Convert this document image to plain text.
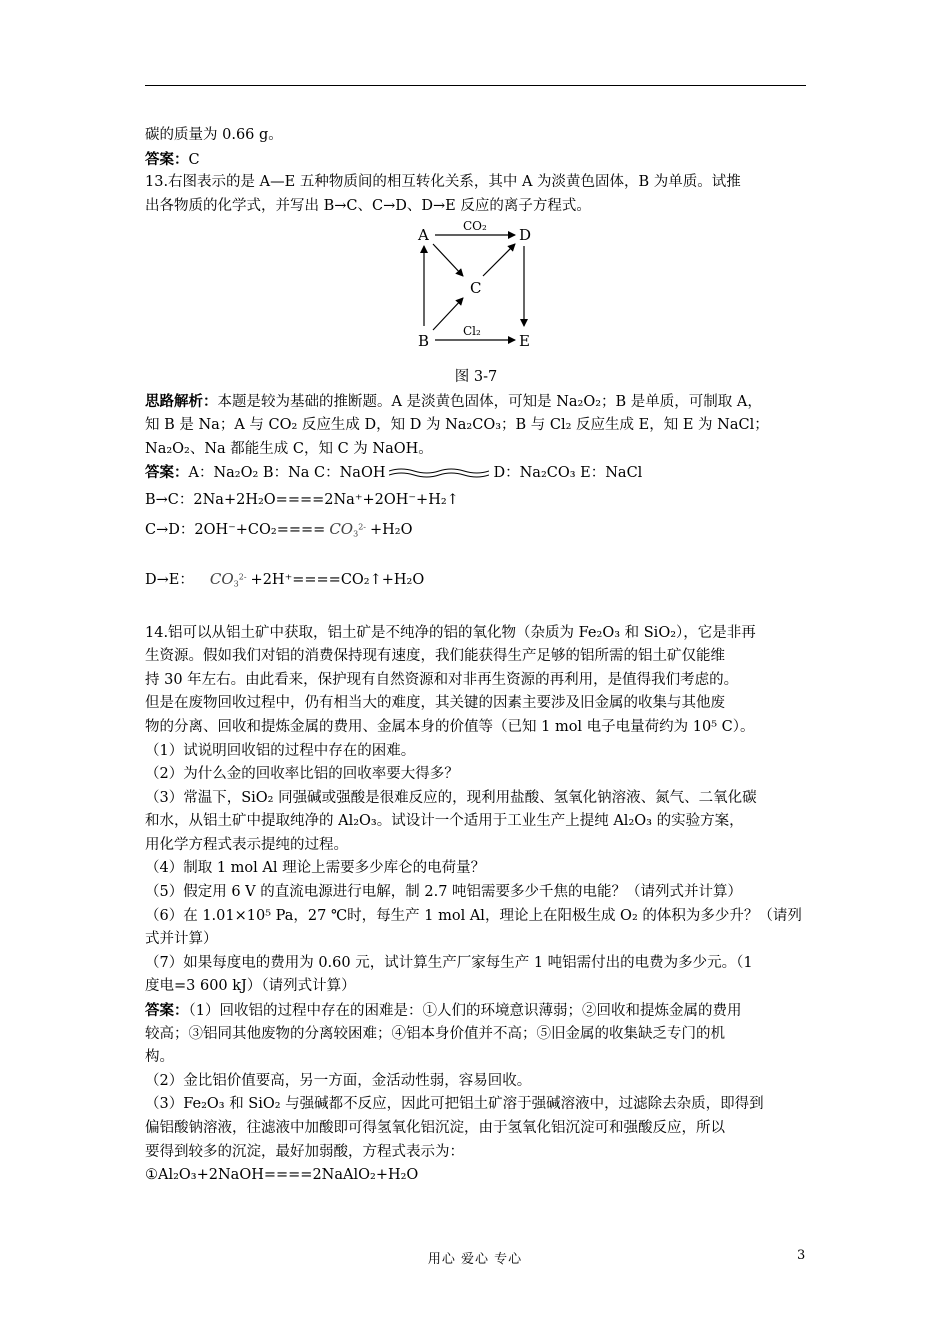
碳的质量为 0.66 g。
答案：C
13.右图表示的是 A—E 五种物质间的相互转化关系，其中 A 为淡黄色固体，B 为单质。试推
出各物质的化学式，并写出 B→C、C→D、D→E 反应的离子方程式。
A	D
C
B	E
CO₂
Cl₂
图 3-7
思路解析：本题是较为基础的推断题。A 是淡黄色固体，可知是 Na₂O₂；B 是单质，可制取 A，
知 B 是 Na；A 与 CO₂ 反应生成 D，知 D 为 Na₂CO₃；B 与 Cl₂ 反应生成 E，知 E 为 NaCl；
Na₂O₂、Na 都能生成 C，知 C 为 NaOH。
答案：A：Na₂O₂ B：Na C：NaOH	D：Na₂CO₃ E：NaCl
B→C：2Na+2H₂O====2Na⁺+2OH⁻+H₂↑
C→D：$2OH^-+CO_2==== CO_3^{2-} +H_2O$
D→E： $CO_3^{2-}$ +2H⁺====CO₂↑+H₂O
14.铝可以从铝土矿中获取，铝土矿是不纯净的铝的氧化物（杂质为 Fe₂O₃ 和 SiO₂），它是非再
生资源。假如我们对铝的消费保持现有速度，我们能获得生产足够的铝所需的铝土矿仅能维
持 30 年左右。由此看来，保护现有自然资源和对非再生资源的再利用，是值得我们考虑的。
但是在废物回收过程中，仍有相当大的难度，其关键的因素主要涉及旧金属的收集与其他废
物的分离、回收和提炼金属的费用、金属本身的价值等（已知 1 mol 电子电量荷约为 10⁵ C）。
（1）试说明回收铝的过程中存在的困难。
（2）为什么金的回收率比铝的回收率要大得多？
（3）常温下，SiO₂ 同强碱或强酸是很难反应的，现利用盐酸、氢氧化钠溶液、氮气、二氧化碳
和水，从铝土矿中提取纯净的 Al₂O₃。试设计一个适用于工业生产上提纯 Al₂O₃ 的实验方案，
用化学方程式表示提纯的过程。
（4）制取 1 mol Al 理论上需要多少库仑的电荷量？
（5）假定用 6 V 的直流电源进行电解，制 2.7 吨铝需要多少千焦的电能？（请列式并计算）
（6）在 1.01×10⁵ Pa，27 ℃时，每生产 1 mol Al，理论上在阳极生成 O₂ 的体积为多少升？（请列
式并计算）
（7）如果每度电的费用为 0.60 元，试计算生产厂家每生产 1 吨铝需付出的电费为多少元。（1
度电=3 600 kJ）（请列式计算）
答案：（1）回收铝的过程中存在的困难是：①人们的环境意识薄弱；②回收和提炼金属的费用
较高；③铝同其他废物的分离较困难；④铝本身价值并不高；⑤旧金属的收集缺乏专门的机
构。
（2）金比铝价值要高，另一方面，金活动性弱，容易回收。
（3）Fe₂O₃ 和 SiO₂ 与强碱都不反应，因此可把铝土矿溶于强碱溶液中，过滤除去杂质，即得到
偏铝酸钠溶液，往滤液中加酸即可得氢氧化铝沉淀，由于氢氧化铝沉淀可和强酸反应，所以
要得到较多的沉淀，最好加弱酸，方程式表示为：
①Al₂O₃+2NaOH====2NaAlO₂+H₂O
用心 爱心 专心	3
